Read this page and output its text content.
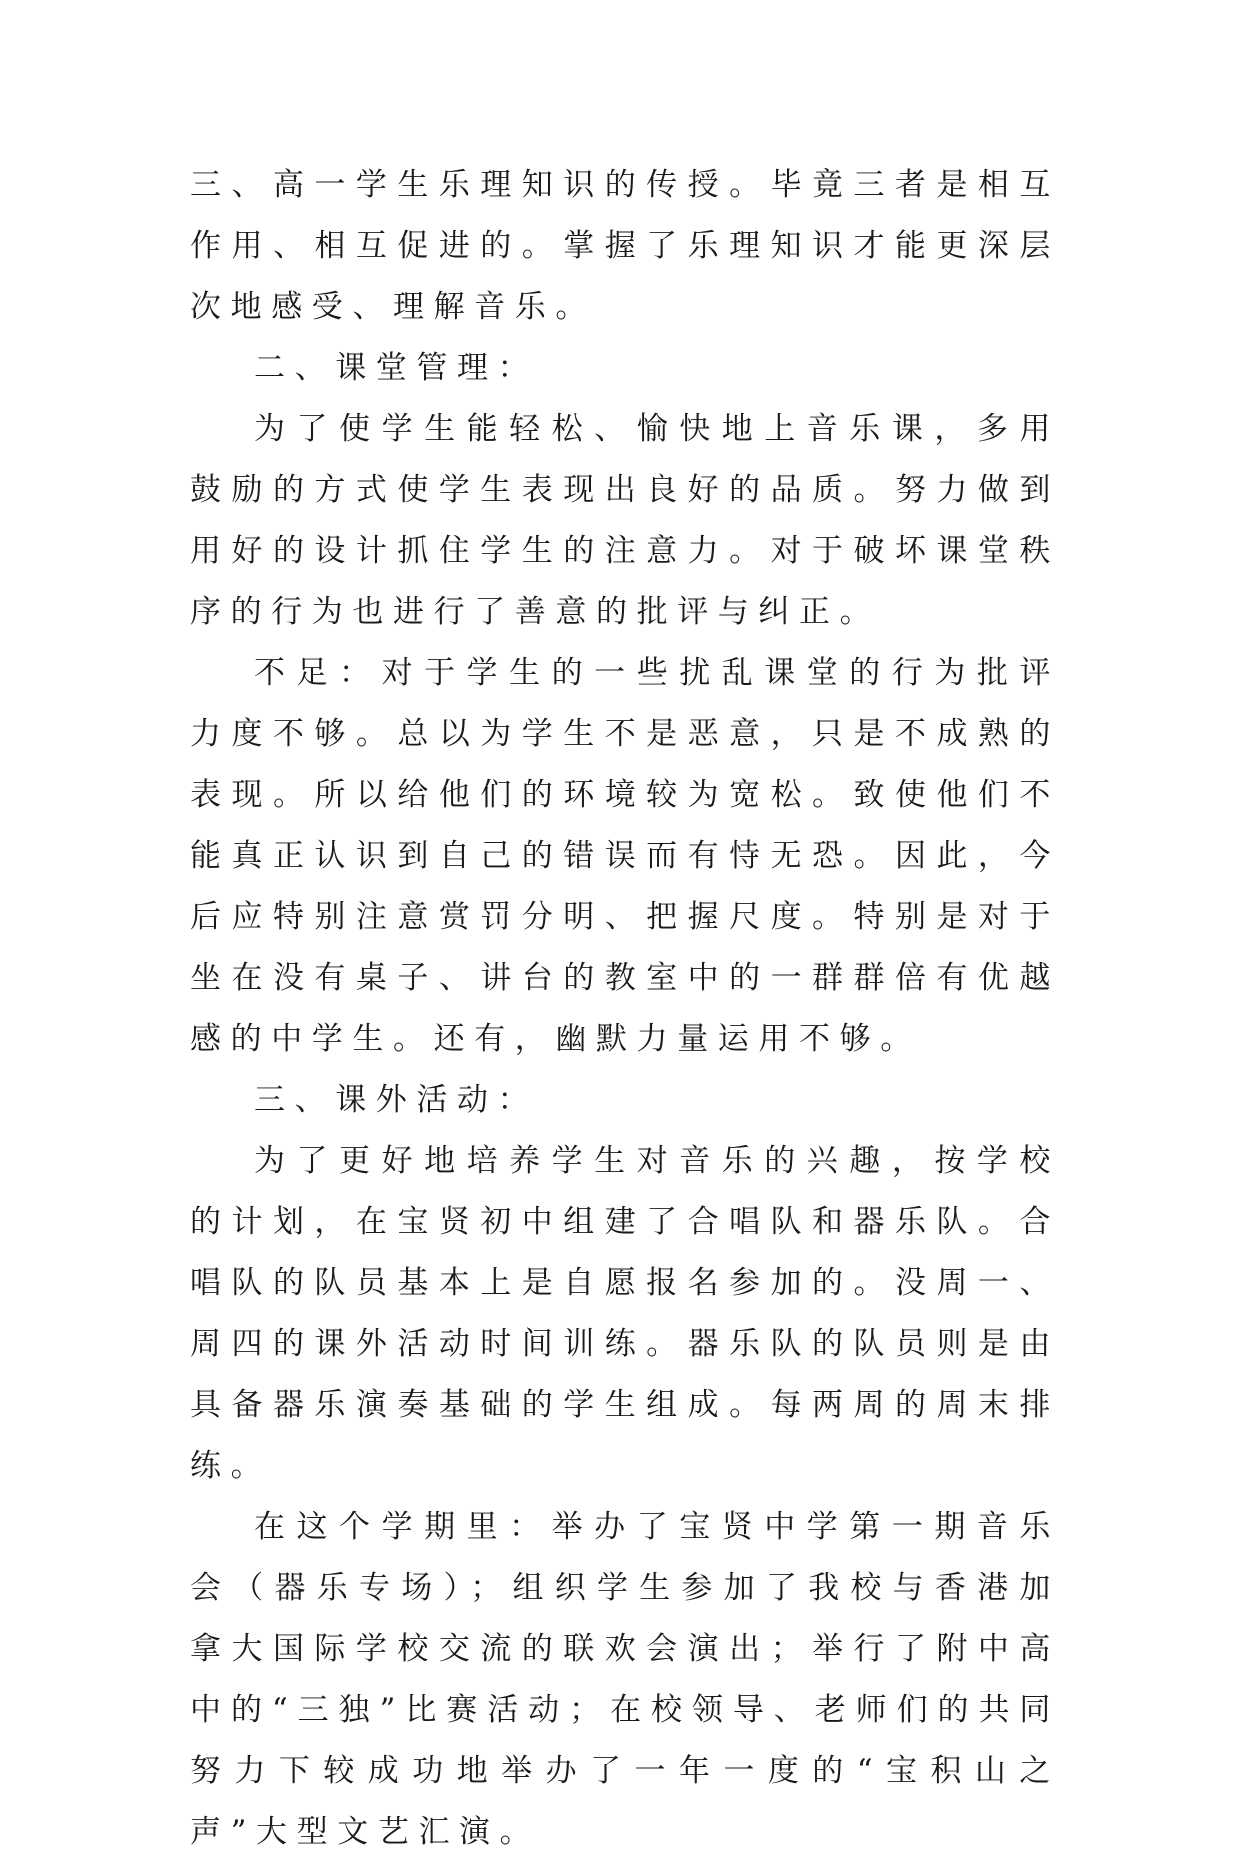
三、高一学生乐理知识的传授。毕竟三者是相互作用、相互促进的。掌握了乐理知识才能更深层次地感受、理解音乐。

二、课堂管理：

为了使学生能轻松、愉快地上音乐课，多用鼓励的方式使学生表现出良好的品质。努力做到用好的设计抓住学生的注意力。对于破坏课堂秩序的行为也进行了善意的批评与纠正。

不足：对于学生的一些扰乱课堂的行为批评力度不够。总以为学生不是恶意，只是不成熟的表现。所以给他们的环境较为宽松。致使他们不能真正认识到自己的错误而有恃无恐。因此，今后应特别注意赏罚分明、把握尺度。特别是对于坐在没有桌子、讲台的教室中的一群群倍有优越感的中学生。还有，幽默力量运用不够。

三、课外活动：

为了更好地培养学生对音乐的兴趣，按学校的计划，在宝贤初中组建了合唱队和器乐队。合唱队的队员基本上是自愿报名参加的。没周一、周四的课外活动时间训练。器乐队的队员则是由具备器乐演奏基础的学生组成。每两周的周末排练。

在这个学期里：举办了宝贤中学第一期音乐会（器乐专场）；组织学生参加了我校与香港加拿大国际学校交流的联欢会演出；举行了附中高中的“三独”比赛活动；在校领导、老师们的共同努力下较成功地举办了一年一度的“宝积山之声”大型文艺汇演。
